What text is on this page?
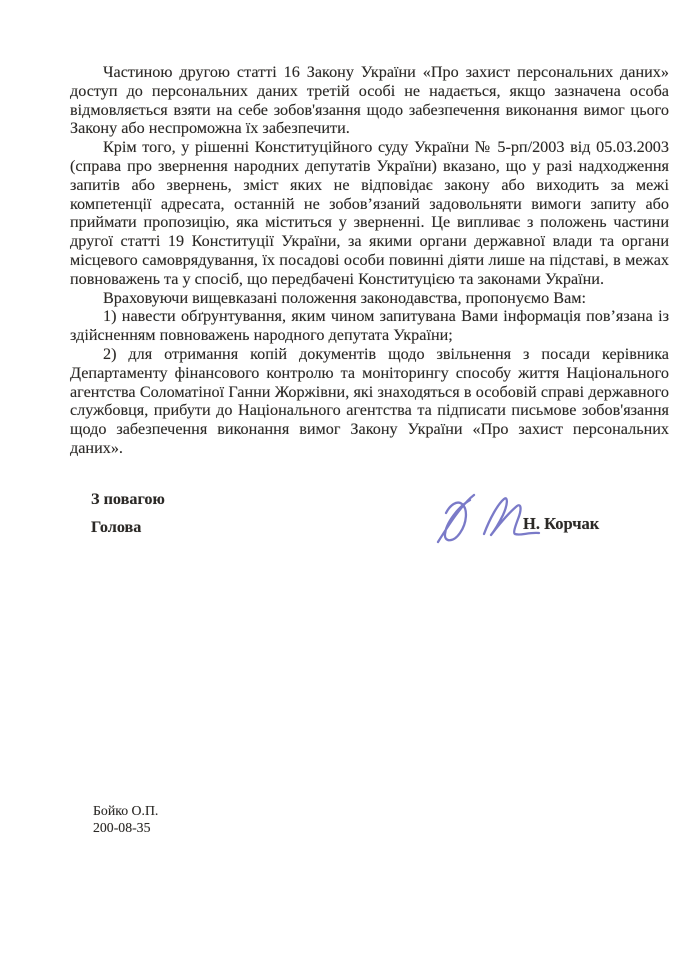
Частиною другою статті 16 Закону України «Про захист персональних даних» доступ до персональних даних третій особі не надається, якщо зазначена особа відмовляється взяти на себе зобов'язання щодо забезпечення виконання вимог цього Закону або неспроможна їх забезпечити.

Крім того, у рішенні Конституційного суду України № 5-рп/2003 від 05.03.2003 (справа про звернення народних депутатів України) вказано, що у разі надходження запитів або звернень, зміст яких не відповідає закону або виходить за межі компетенції адресата, останній не зобов’язаний задовольняти вимоги запиту або приймати пропозицію, яка міститься у зверненні. Це випливає з положень частини другої статті 19 Конституції України, за якими органи державної влади та органи місцевого самоврядування, їх посадові особи повинні діяти лише на підставі, в межах повноважень та у спосіб, що передбачені Конституцією та законами України.

Враховуючи вищевказані положення законодавства, пропонуємо Вам:

1) навести обґрунтування, яким чином запитувана Вами інформація пов’язана із здійсненням повноважень народного депутата України;

2) для отримання копій документів щодо звільнення з посади керівника Департаменту фінансового контролю та моніторингу способу життя Національного агентства Соломатіної Ганни Жоржівни, які знаходяться в особовій справі державного службовця, прибути до Національного агентства та підписати письмове зобов'язання щодо забезпечення виконання вимог Закону України «Про захист персональних даних».

З повагою

Голова	Н. Корчак
Бойко О.П.
200-08-35
